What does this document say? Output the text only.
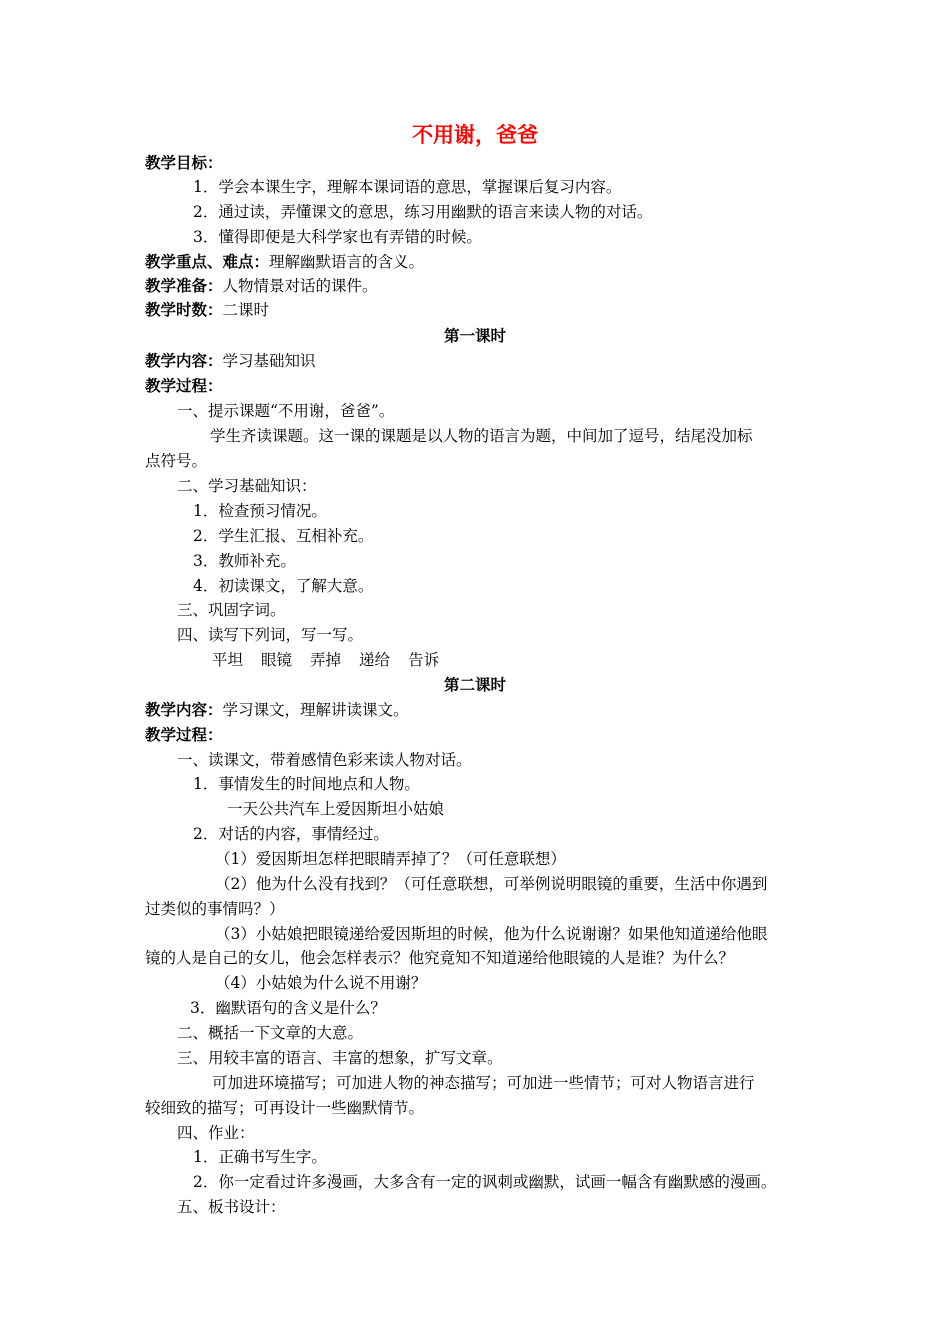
不用谢，爸爸
教学目标：
1．学会本课生字，理解本课词语的意思，掌握课后复习内容。
2．通过读，弄懂课文的意思，练习用幽默的语言来读人物的对话。
3．懂得即便是大科学家也有弄错的时候。
教学重点、难点：理解幽默语言的含义。
教学准备：人物情景对话的课件。
教学时数：二课时
第一课时
教学内容：学习基础知识
教学过程：
一、提示课题“不用谢，爸爸”。
学生齐读课题。这一课的课题是以人物的语言为题，中间加了逗号，结尾没加标
点符号。
二、学习基础知识：
1．检查预习情况。
2．学生汇报、互相补充。
3．教师补充。
4．初读课文，了解大意。
三、巩固字词。
四、读写下列词，写一写。
平坦 眼镜 弄掉 递给 告诉
第二课时
教学内容：学习课文，理解讲读课文。
教学过程：
一、读课文，带着感情色彩来读人物对话。
1．事情发生的时间地点和人物。
一天公共汽车上爱因斯坦小姑娘
2．对话的内容，事情经过。
（1）爱因斯坦怎样把眼睛弄掉了？（可任意联想）
（2）他为什么没有找到？（可任意联想，可举例说明眼镜的重要，生活中你遇到
过类似的事情吗？）
（3）小姑娘把眼镜递给爱因斯坦的时候，他为什么说谢谢？如果他知道递给他眼
镜的人是自己的女儿，他会怎样表示？他究竟知不知道递给他眼镜的人是谁？为什么？
（4）小姑娘为什么说不用谢？
3．幽默语句的含义是什么？
二、概括一下文章的大意。
三、用较丰富的语言、丰富的想象，扩写文章。
可加进环境描写；可加进人物的神态描写；可加进一些情节；可对人物语言进行
较细致的描写；可再设计一些幽默情节。
四、作业：
1．正确书写生字。
2．你一定看过许多漫画，大多含有一定的讽刺或幽默，试画一幅含有幽默感的漫画。
五、板书设计：
